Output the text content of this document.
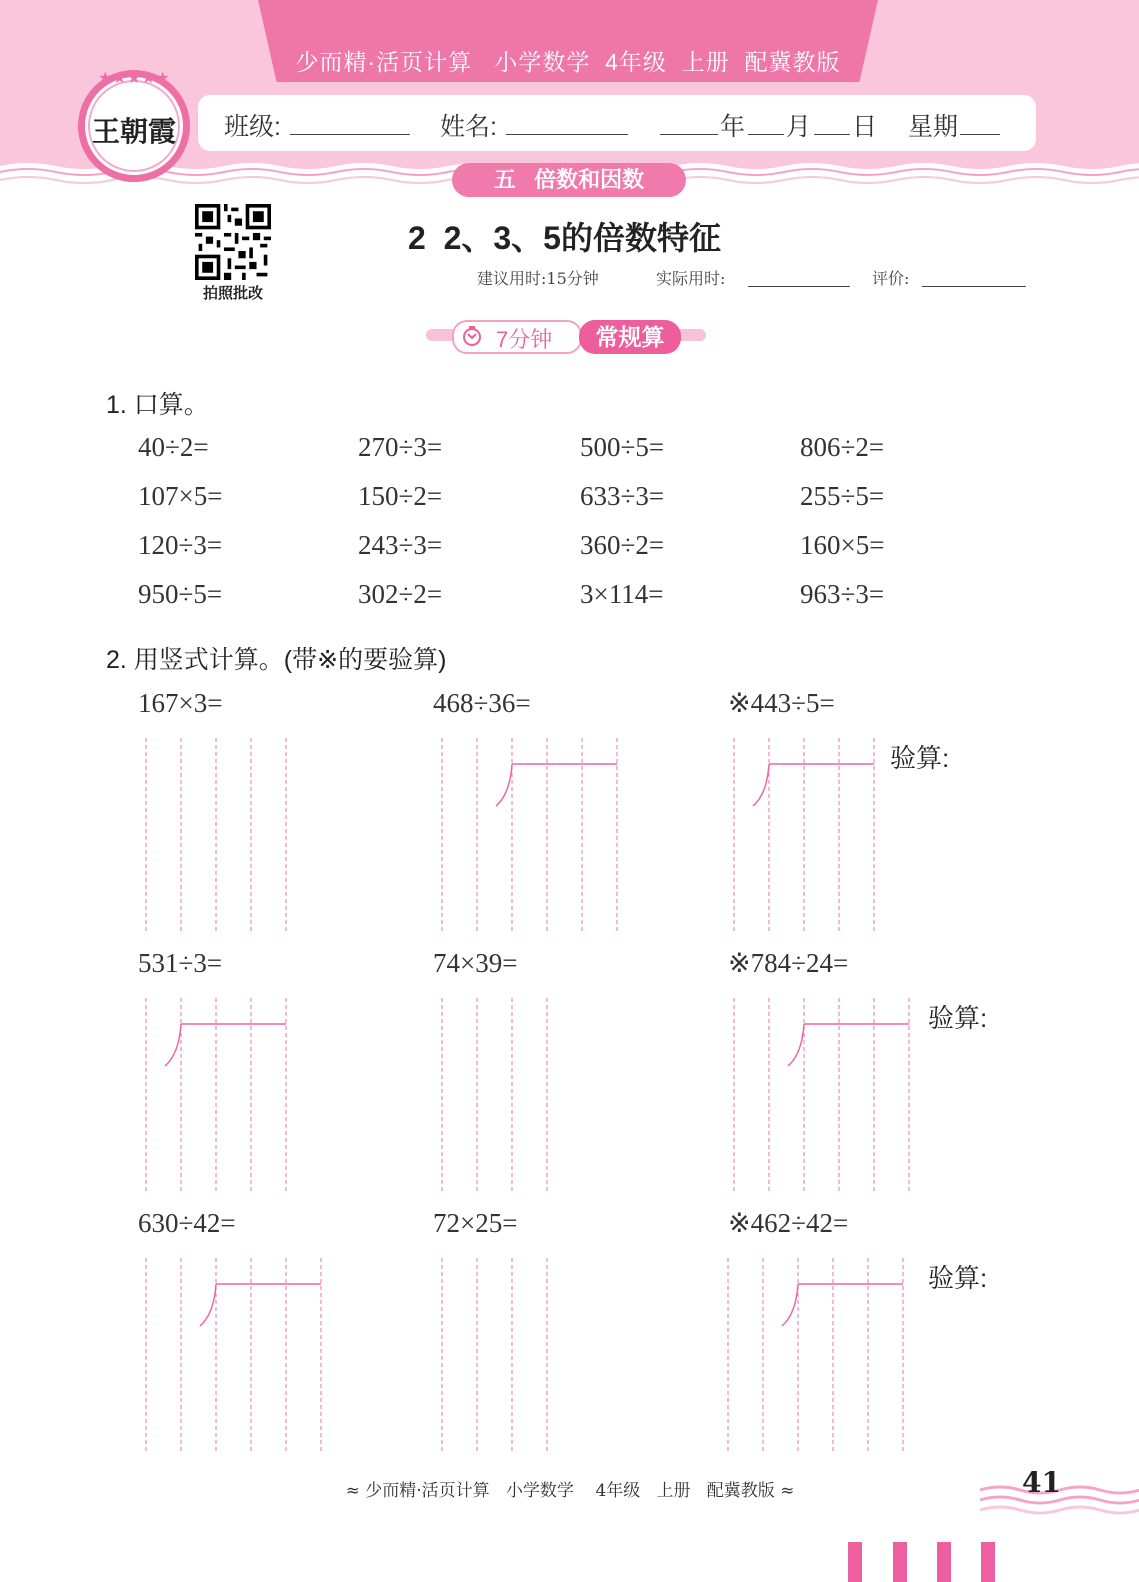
少而精·活页计算   小学数学  4年级  上册  配冀教版
班级:	姓名:	年 月 日 星期
五   倍数和因数
★★★★★
王朝霞
拍照批改
2  2、3、5的倍数特征
建议用时:15分钟	实际用时:	评价:
7分钟	常规算
1. 口算。
40÷2=	270÷3=	500÷5=	806÷2=
107×5=	150÷2=	633÷3=	255÷5=
120÷3=	243÷3=	360÷2=	160×5=
950÷5=	302÷2=	3×114=	963÷3=
2. 用竖式计算。(带※的要验算)
167×3=	468÷36=	※443÷5=
验算:
531÷3=	74×39=	※784÷24=
验算:
630÷42=	72×25=	※462÷42=
验算:
≈ 少而精·活页计算   小学数学    4年级   上册   配冀教版 ≈	41
